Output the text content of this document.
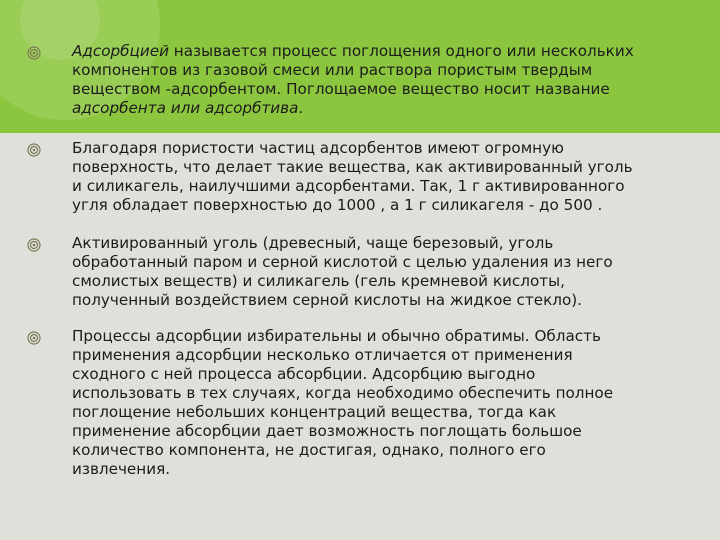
Адсорбцией называется процесс поглощения одного или нескольких
компонентов из газовой смеси или раствора пористым твердым
веществом -адсорбентом. Поглощаемое вещество носит название
адсорбента или адсорбтива.
Благодаря пористости частиц адсорбентов имеют огромную
поверхность, что делает такие вещества, как активированный уголь
и силикагель, наилучшими адсорбентами. Так, 1 г активированного
угля обладает поверхностью до 1000 , а 1 г силикагеля - до 500 .
Активированный уголь (древесный, чаще березовый, уголь
обработанный паром и серной кислотой с целью удаления из него
смолистых веществ) и силикагель (гель кремневой кислоты,
полученный воздействием серной кислоты на жидкое стекло).
Процессы адсорбции избирательны и обычно обратимы. Область
применения адсорбции несколько отличается от применения
сходного с ней процесса абсорбции. Адсорбцию выгодно
использовать в тех случаях, когда необходимо обеспечить полное
поглощение небольших концентраций вещества, тогда как
применение абсорбции дает возможность поглощать большое
количество компонента, не достигая, однако, полного его
извлечения.
